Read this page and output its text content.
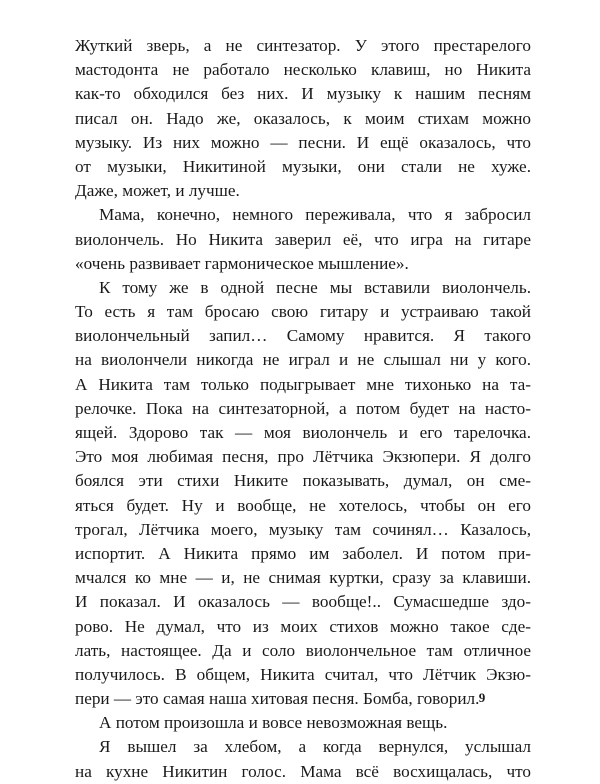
Жуткий зверь, а не синтезатор. У этого престарелого
мастодонта не работало несколько клавиш, но Никита
как-то обходился без них. И музыку к нашим песням
писал он. Надо же, оказалось, к моим стихам можно
музыку. Из них можно — песни. И ещё оказалось, что
от музыки, Никитиной музыки, они стали не хуже.
Даже, может, и лучше.
Мама, конечно, немного переживала, что я забросил
виолончель. Но Никита заверил её, что игра на гитаре
«очень развивает гармоническое мышление».
К тому же в одной песне мы вставили виолончель.
То есть я там бросаю свою гитару и устраиваю такой
виолончельный запил… Самому нравится. Я такого
на виолончели никогда не играл и не слышал ни у кого.
А Никита там только подыгрывает мне тихонько на та-
релочке. Пока на синтезаторной, а потом будет на насто-
ящей. Здорово так — моя виолончель и его тарелочка.
Это моя любимая песня, про Лётчика Экзюпери. Я долго
боялся эти стихи Никите показывать, думал, он сме-
яться будет. Ну и вообще, не хотелось, чтобы он его
трогал, Лётчика моего, музыку там сочинял… Казалось,
испортит. А Никита прямо им заболел. И потом при-
мчался ко мне — и, не снимая куртки, сразу за клавиши.
И показал. И оказалось — вообще!.. Сумасшедше здо-
рово. Не думал, что из моих стихов можно такое сде-
лать, настоящее. Да и соло виолончельное там отличное
получилось. В общем, Никита считал, что Лётчик Экзю-
пери — это самая наша хитовая песня. Бомба, говорил.
А потом произошла и вовсе невозможная вещь.
Я вышел за хлебом, а когда вернулся, услышал
на кухне Никитин голос. Мама всё восхищалась, что
9
